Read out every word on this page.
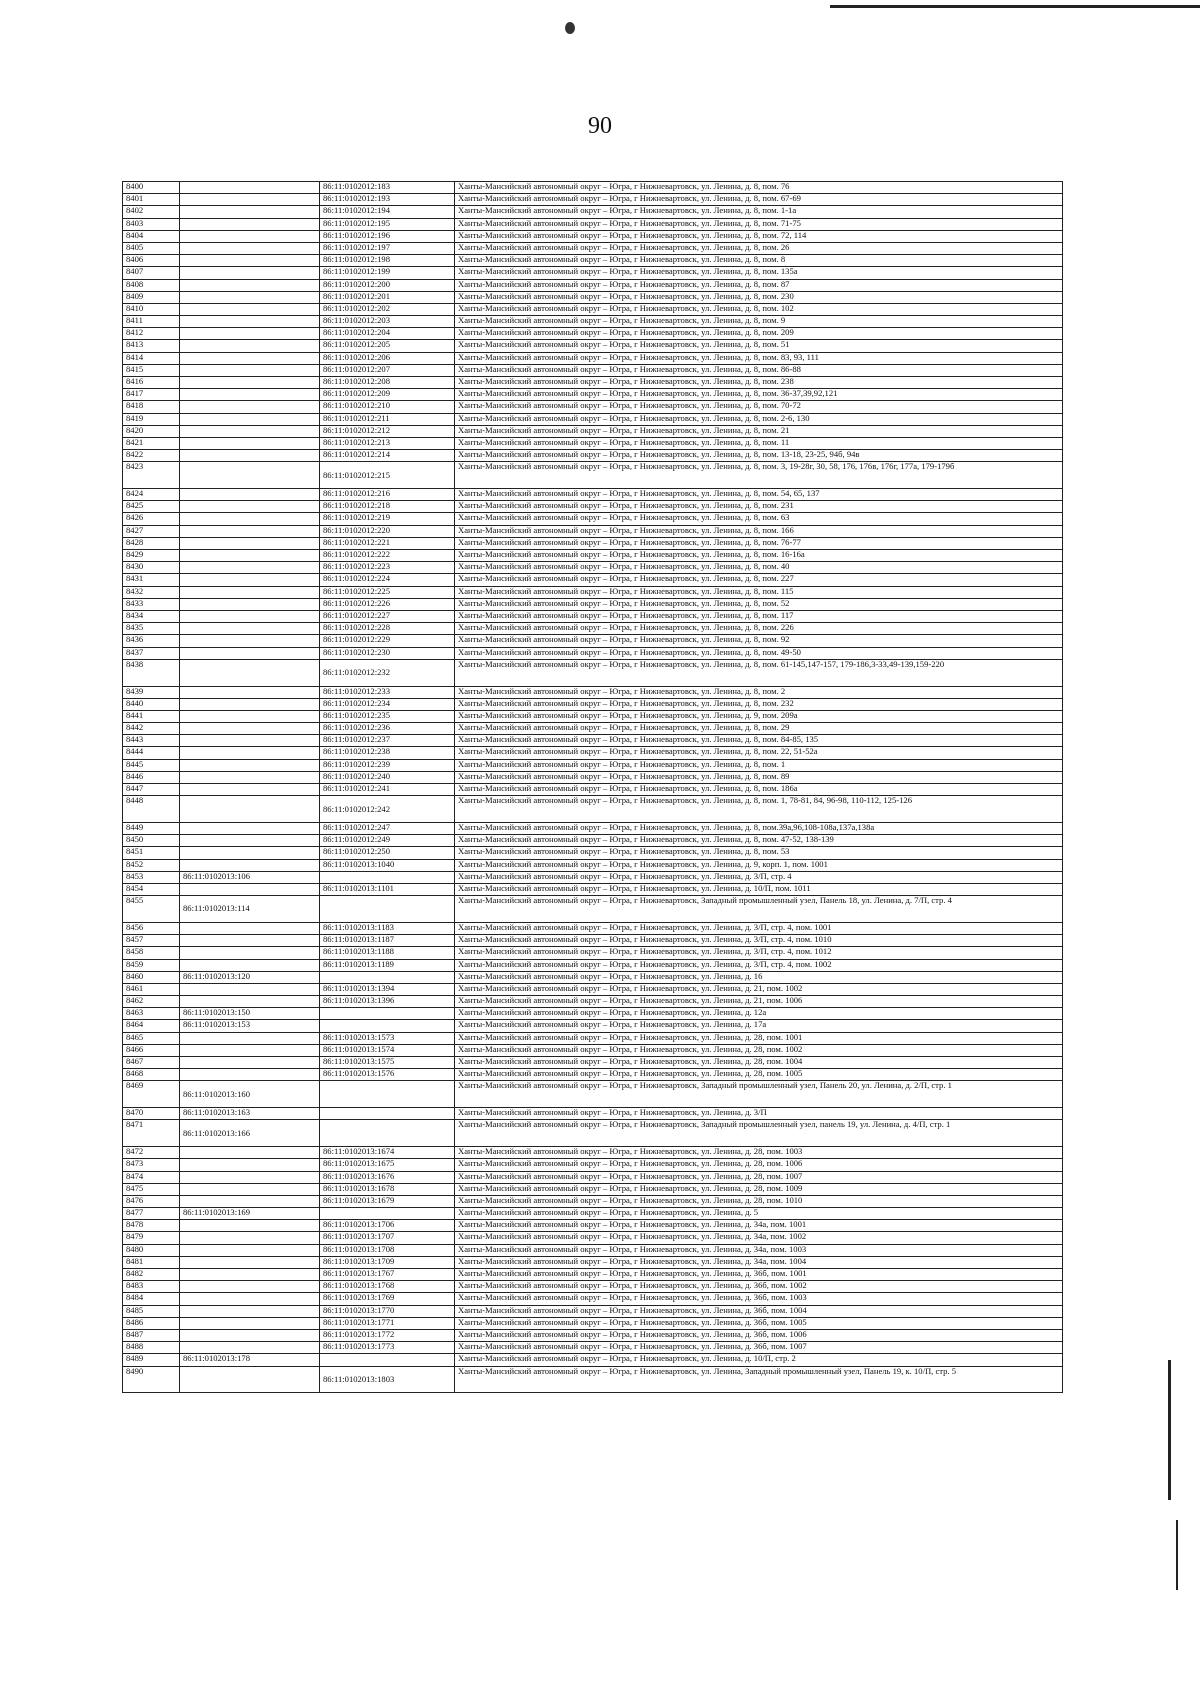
90
8400		86:11:0102012:183	Ханты-Мансийский автономный округ – Югра, г Нижневартовск, ул. Ленина, д. 8, пом. 76
8401		86:11:0102012:193	Ханты-Мансийский автономный округ – Югра, г Нижневартовск, ул. Ленина, д. 8, пом. 67-69
8402		86:11:0102012:194	Ханты-Мансийский автономный округ – Югра, г Нижневартовск, ул. Ленина, д. 8, пом. 1-1а
8403		86:11:0102012:195	Ханты-Мансийский автономный округ – Югра, г Нижневартовск, ул. Ленина, д. 8, пом. 71-75
8404		86:11:0102012:196	Ханты-Мансийский автономный округ – Югра, г Нижневартовск, ул. Ленина, д. 8, пом. 72, 114
8405		86:11:0102012:197	Ханты-Мансийский автономный округ – Югра, г Нижневартовск, ул. Ленина, д. 8, пом. 26
8406		86:11:0102012:198	Ханты-Мансийский автономный округ – Югра, г Нижневартовск, ул. Ленина, д. 8, пом. 8
8407		86:11:0102012:199	Ханты-Мансийский автономный округ – Югра, г Нижневартовск, ул. Ленина, д. 8, пом. 135а
8408		86:11:0102012:200	Ханты-Мансийский автономный округ – Югра, г Нижневартовск, ул. Ленина, д. 8, пом. 87
8409		86:11:0102012:201	Ханты-Мансийский автономный округ – Югра, г Нижневартовск, ул. Ленина, д. 8, пом. 230
8410		86:11:0102012:202	Ханты-Мансийский автономный округ – Югра, г Нижневартовск, ул. Ленина, д. 8, пом. 102
8411		86:11:0102012:203	Ханты-Мансийский автономный округ – Югра, г Нижневартовск, ул. Ленина, д. 8, пом. 9
8412		86:11:0102012:204	Ханты-Мансийский автономный округ – Югра, г Нижневартовск, ул. Ленина, д. 8, пом. 209
8413		86:11:0102012:205	Ханты-Мансийский автономный округ – Югра, г Нижневартовск, ул. Ленина, д. 8, пом. 51
8414		86:11:0102012:206	Ханты-Мансийский автономный округ – Югра, г Нижневартовск, ул. Ленина, д. 8, пом. 83, 93, 111
8415		86:11:0102012:207	Ханты-Мансийский автономный округ – Югра, г Нижневартовск, ул. Ленина, д. 8, пом. 86-88
8416		86:11:0102012:208	Ханты-Мансийский автономный округ – Югра, г Нижневартовск, ул. Ленина, д. 8, пом. 238
8417		86:11:0102012:209	Ханты-Мансийский автономный округ – Югра, г Нижневартовск, ул. Ленина, д. 8, пом. 36-37,39,92,121
8418		86:11:0102012:210	Ханты-Мансийский автономный округ – Югра, г Нижневартовск, ул. Ленина, д. 8, пом. 70-72
8419		86:11:0102012:211	Ханты-Мансийский автономный округ – Югра, г Нижневартовск, ул. Ленина, д. 8, пом. 2-6, 130
8420		86:11:0102012:212	Ханты-Мансийский автономный округ – Югра, г Нижневартовск, ул. Ленина, д. 8, пом. 21
8421		86:11:0102012:213	Ханты-Мансийский автономный округ – Югра, г Нижневартовск, ул. Ленина, д. 8, пом. 11
8422		86:11:0102012:214	Ханты-Мансийский автономный округ – Югра, г Нижневартовск, ул. Ленина, д. 8, пом. 13-18, 23-25, 94б, 94в
8423		86:11:0102012:215	Ханты-Мансийский автономный округ – Югра, г Нижневартовск, ул. Ленина, д. 8, пом. 3, 19-28г, 30, 58, 176, 176в, 176г, 177а, 179-179б
8424		86:11:0102012:216	Ханты-Мансийский автономный округ – Югра, г Нижневартовск, ул. Ленина, д. 8, пом. 54, 65, 137
8425		86:11:0102012:218	Ханты-Мансийский автономный округ – Югра, г Нижневартовск, ул. Ленина, д. 8, пом. 231
8426		86:11:0102012:219	Ханты-Мансийский автономный округ – Югра, г Нижневартовск, ул. Ленина, д. 8, пом. 63
8427		86:11:0102012:220	Ханты-Мансийский автономный округ – Югра, г Нижневартовск, ул. Ленина, д. 8, пом. 166
8428		86:11:0102012:221	Ханты-Мансийский автономный округ – Югра, г Нижневартовск, ул. Ленина, д. 8, пом. 76-77
8429		86:11:0102012:222	Ханты-Мансийский автономный округ – Югра, г Нижневартовск, ул. Ленина, д. 8, пом. 16-16а
8430		86:11:0102012:223	Ханты-Мансийский автономный округ – Югра, г Нижневартовск, ул. Ленина, д. 8, пом. 40
8431		86:11:0102012:224	Ханты-Мансийский автономный округ – Югра, г Нижневартовск, ул. Ленина, д. 8, пом. 227
8432		86:11:0102012:225	Ханты-Мансийский автономный округ – Югра, г Нижневартовск, ул. Ленина, д. 8, пом. 115
8433		86:11:0102012:226	Ханты-Мансийский автономный округ – Югра, г Нижневартовск, ул. Ленина, д. 8, пом. 52
8434		86:11:0102012:227	Ханты-Мансийский автономный округ – Югра, г Нижневартовск, ул. Ленина, д. 8, пом. 117
8435		86:11:0102012:228	Ханты-Мансийский автономный округ – Югра, г Нижневартовск, ул. Ленина, д. 8, пом. 226
8436		86:11:0102012:229	Ханты-Мансийский автономный округ – Югра, г Нижневартовск, ул. Ленина, д. 8, пом. 92
8437		86:11:0102012:230	Ханты-Мансийский автономный округ – Югра, г Нижневартовск, ул. Ленина, д. 8, пом. 49-50
8438		86:11:0102012:232	Ханты-Мансийский автономный округ – Югра, г Нижневартовск, ул. Ленина, д. 8, пом. 61-145,147-157, 179-186,3-33,49-139,159-220
8439		86:11:0102012:233	Ханты-Мансийский автономный округ – Югра, г Нижневартовск, ул. Ленина, д. 8, пом. 2
8440		86:11:0102012:234	Ханты-Мансийский автономный округ – Югра, г Нижневартовск, ул. Ленина, д. 8, пом. 232
8441		86:11:0102012:235	Ханты-Мансийский автономный округ – Югра, г Нижневартовск, ул. Ленина, д. 9, пом. 209а
8442		86:11:0102012:236	Ханты-Мансийский автономный округ – Югра, г Нижневартовск, ул. Ленина, д. 8, пом. 29
8443		86:11:0102012:237	Ханты-Мансийский автономный округ – Югра, г Нижневартовск, ул. Ленина, д. 8, пом. 84-85, 135
8444		86:11:0102012:238	Ханты-Мансийский автономный округ – Югра, г Нижневартовск, ул. Ленина, д. 8, пом. 22, 51-52а
8445		86:11:0102012:239	Ханты-Мансийский автономный округ – Югра, г Нижневартовск, ул. Ленина, д. 8, пом. 1
8446		86:11:0102012:240	Ханты-Мансийский автономный округ – Югра, г Нижневартовск, ул. Ленина, д. 8, пом. 89
8447		86:11:0102012:241	Ханты-Мансийский автономный округ – Югра, г Нижневартовск, ул. Ленина, д. 8, пом. 186а
8448		86:11:0102012:242	Ханты-Мансийский автономный округ – Югра, г Нижневартовск, ул. Ленина, д. 8, пом. 1, 78-81, 84, 96-98, 110-112, 125-126
8449		86:11:0102012:247	Ханты-Мансийский автономный округ – Югра, г Нижневартовск, ул. Ленина, д. 8, пом.39а,96,108-108а,137а,138а
8450		86:11:0102012:249	Ханты-Мансийский автономный округ – Югра, г Нижневартовск, ул. Ленина, д. 8, пом. 47-52, 138-139
8451		86:11:0102012:250	Ханты-Мансийский автономный округ – Югра, г Нижневартовск, ул. Ленина, д. 8, пом. 53
8452		86:11:0102013:1040	Ханты-Мансийский автономный округ – Югра, г Нижневартовск, ул. Ленина, д. 9, корп. 1, пом. 1001
8453	86:11:0102013:106		Ханты-Мансийский автономный округ – Югра, г Нижневартовск, ул. Ленина, д. 3/П, стр. 4
8454		86:11:0102013:1101	Ханты-Мансийский автономный округ – Югра, г Нижневартовск, ул. Ленина, д. 10/П, пом. 1011
8455	86:11:0102013:114		Ханты-Мансийский автономный округ – Югра, г Нижневартовск, Западный промышленный узел, Панель 18, ул. Ленина, д. 7/П, стр. 4
8456		86:11:0102013:1183	Ханты-Мансийский автономный округ – Югра, г Нижневартовск, ул. Ленина, д. 3/П, стр. 4, пом. 1001
8457		86:11:0102013:1187	Ханты-Мансийский автономный округ – Югра, г Нижневартовск, ул. Ленина, д. 3/П, стр. 4, пом. 1010
8458		86:11:0102013:1188	Ханты-Мансийский автономный округ – Югра, г Нижневартовск, ул. Ленина, д. 3/П, стр. 4, пом. 1012
8459		86:11:0102013:1189	Ханты-Мансийский автономный округ – Югра, г Нижневартовск, ул. Ленина, д. 3/П, стр. 4, пом. 1002
8460	86:11:0102013:120		Ханты-Мансийский автономный округ – Югра, г Нижневартовск, ул. Ленина, д. 16
8461		86:11:0102013:1394	Ханты-Мансийский автономный округ – Югра, г Нижневартовск, ул. Ленина, д. 21, пом. 1002
8462		86:11:0102013:1396	Ханты-Мансийский автономный округ – Югра, г Нижневартовск, ул. Ленина, д. 21, пом. 1006
8463	86:11:0102013:150		Ханты-Мансийский автономный округ – Югра, г Нижневартовск, ул. Ленина, д. 12а
8464	86:11:0102013:153		Ханты-Мансийский автономный округ – Югра, г Нижневартовск, ул. Ленина, д. 17а
8465		86:11:0102013:1573	Ханты-Мансийский автономный округ – Югра, г Нижневартовск, ул. Ленина, д. 28, пом. 1001
8466		86:11:0102013:1574	Ханты-Мансийский автономный округ – Югра, г Нижневартовск, ул. Ленина, д. 28, пом. 1002
8467		86:11:0102013:1575	Ханты-Мансийский автономный округ – Югра, г Нижневартовск, ул. Ленина, д. 28, пом. 1004
8468		86:11:0102013:1576	Ханты-Мансийский автономный округ – Югра, г Нижневартовск, ул. Ленина, д. 28, пом. 1005
8469	86:11:0102013:160		Ханты-Мансийский автономный округ – Югра, г Нижневартовск, Западный промышленный узел, Панель 20, ул. Ленина, д. 2/П, стр. 1
8470	86:11:0102013:163		Ханты-Мансийский автономный округ – Югра, г Нижневартовск, ул. Ленина, д. 3/П
8471	86:11:0102013:166		Ханты-Мансийский автономный округ – Югра, г Нижневартовск, Западный промышленный узел, панель 19, ул. Ленина, д. 4/П, стр. 1
8472		86:11:0102013:1674	Ханты-Мансийский автономный округ – Югра, г Нижневартовск, ул. Ленина, д. 28, пом. 1003
8473		86:11:0102013:1675	Ханты-Мансийский автономный округ – Югра, г Нижневартовск, ул. Ленина, д. 28, пом. 1006
8474		86:11:0102013:1676	Ханты-Мансийский автономный округ – Югра, г Нижневартовск, ул. Ленина, д. 28, пом. 1007
8475		86:11:0102013:1678	Ханты-Мансийский автономный округ – Югра, г Нижневартовск, ул. Ленина, д. 28, пом. 1009
8476		86:11:0102013:1679	Ханты-Мансийский автономный округ – Югра, г Нижневартовск, ул. Ленина, д. 28, пом. 1010
8477	86:11:0102013:169		Ханты-Мансийский автономный округ – Югра, г Нижневартовск, ул. Ленина, д. 5
8478		86:11:0102013:1706	Ханты-Мансийский автономный округ – Югра, г Нижневартовск, ул. Ленина, д. 34а, пом. 1001
8479		86:11:0102013:1707	Ханты-Мансийский автономный округ – Югра, г Нижневартовск, ул. Ленина, д. 34а, пом. 1002
8480		86:11:0102013:1708	Ханты-Мансийский автономный округ – Югра, г Нижневартовск, ул. Ленина, д. 34а, пом. 1003
8481		86:11:0102013:1709	Ханты-Мансийский автономный округ – Югра, г Нижневартовск, ул. Ленина, д. 34а, пом. 1004
8482		86:11:0102013:1767	Ханты-Мансийский автономный округ – Югра, г Нижневартовск, ул. Ленина, д. 36б, пом. 1001
8483		86:11:0102013:1768	Ханты-Мансийский автономный округ – Югра, г Нижневартовск, ул. Ленина, д. 36б, пом. 1002
8484		86:11:0102013:1769	Ханты-Мансийский автономный округ – Югра, г Нижневартовск, ул. Ленина, д. 36б, пом. 1003
8485		86:11:0102013:1770	Ханты-Мансийский автономный округ – Югра, г Нижневартовск, ул. Ленина, д. 36б, пом. 1004
8486		86:11:0102013:1771	Ханты-Мансийский автономный округ – Югра, г Нижневартовск, ул. Ленина, д. 36б, пом. 1005
8487		86:11:0102013:1772	Ханты-Мансийский автономный округ – Югра, г Нижневартовск, ул. Ленина, д. 36б, пом. 1006
8488		86:11:0102013:1773	Ханты-Мансийский автономный округ – Югра, г Нижневартовск, ул. Ленина, д. 36б, пом. 1007
8489	86:11:0102013:178		Ханты-Мансийский автономный округ – Югра, г Нижневартовск, ул. Ленина, д. 10/П, стр. 2
8490		86:11:0102013:1803	Ханты-Мансийский автономный округ – Югра, г Нижневартовск, ул. Ленина, Западный промышленный узел, Панель 19, к. 10/П, стр. 5
